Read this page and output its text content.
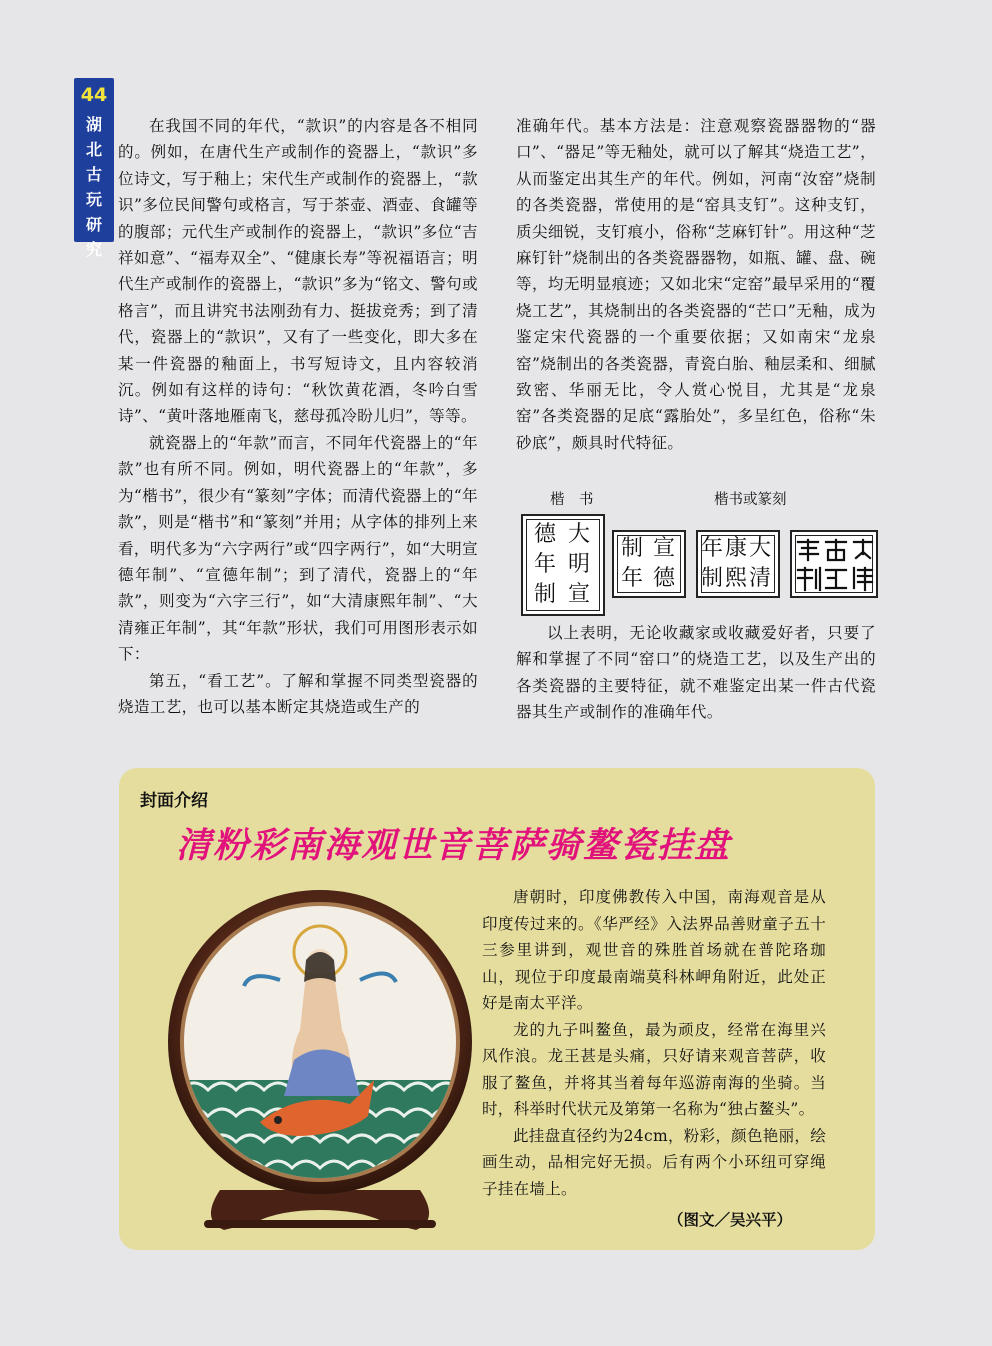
44
湖
北
古
玩
研
究

在我国不同的年代，“款识”的内容是各不相同的。例如，在唐代生产或制作的瓷器上，“款识”多位诗文，写于釉上；宋代生产或制作的瓷器上，“款识”多位民间警句或格言，写于茶壶、酒壶、食罐等的腹部；元代生产或制作的瓷器上，“款识”多位“吉祥如意”、“福寿双全”、“健康长寿”等祝福语言；明代生产或制作的瓷器上，“款识”多为“铭文、警句或格言”，而且讲究书法刚劲有力、挺拔竞秀；到了清代，瓷器上的“款识”，又有了一些变化，即大多在某一件瓷器的釉面上，书写短诗文，且内容较消沉。例如有这样的诗句：“秋饮黄花酒，冬吟白雪诗”、“黄叶落地雁南飞，慈母孤冷盼儿归”，等等。

就瓷器上的“年款”而言，不同年代瓷器上的“年款”也有所不同。例如，明代瓷器上的“年款”，多为“楷书”，很少有“篆刻”字体；而清代瓷器上的“年款”，则是“楷书”和“篆刻”并用；从字体的排列上来看，明代多为“六字两行”或“四字两行”，如“大明宣德年制”、“宣德年制”；到了清代，瓷器上的“年款”，则变为“六字三行”，如“大清康熙年制”、“大清雍正年制”，其“年款”形状，我们可用图形表示如下：

第五，“看工艺”。了解和掌握不同类型瓷器的烧造工艺，也可以基本断定其烧造或生产的

准确年代。基本方法是：注意观察瓷器器物的“器口”、“器足”等无釉处，就可以了解其“烧造工艺”，从而鉴定出其生产的年代。例如，河南“汝窑”烧制的各类瓷器，常使用的是“窑具支钉”。这种支钉，质尖细锐，支钉痕小，俗称“芝麻钉针”。用这种“芝麻钉针”烧制出的各类瓷器器物，如瓶、罐、盘、碗等，均无明显痕迹；又如北宋“定窑”最早采用的“覆烧工艺”，其烧制出的各类瓷器的“芒口”无釉，成为鉴定宋代瓷器的一个重要依据；又如南宋“龙泉窑”烧制出的各类瓷器，青瓷白胎、釉层柔和、细腻致密、华丽无比，令人赏心悦目，尤其是“龙泉窑”各类瓷器的足底“露胎处”，多呈红色，俗称“朱砂底”，颇具时代特征。

楷　书	楷书或篆刻
大
明
宣
德
年
制
宣
德
制
年
大
清
康
熙
年
制

以上表明，无论收藏家或收藏爱好者，只要了解和掌握了不同“窑口”的烧造工艺，以及生产出的各类瓷器的主要特征，就不难鉴定出某一件古代瓷器其生产或制作的准确年代。

封面介绍
清粉彩南海观世音菩萨骑鳌瓷挂盘

唐朝时，印度佛教传入中国，南海观音是从印度传过来的。《华严经》入法界品善财童子五十三参里讲到，观世音的殊胜首场就在普陀珞珈山，现位于印度最南端莫科林岬角附近，此处正好是南太平洋。

龙的九子叫鳌鱼，最为顽皮，经常在海里兴风作浪。龙王甚是头痛，只好请来观音菩萨，收服了鳌鱼，并将其当着每年巡游南海的坐骑。当时，科举时代状元及第第一名称为“独占鳌头”。

此挂盘直径约为24cm，粉彩，颜色艳丽，绘画生动，品相完好无损。后有两个小环纽可穿绳子挂在墙上。

（图文／吴兴平）
